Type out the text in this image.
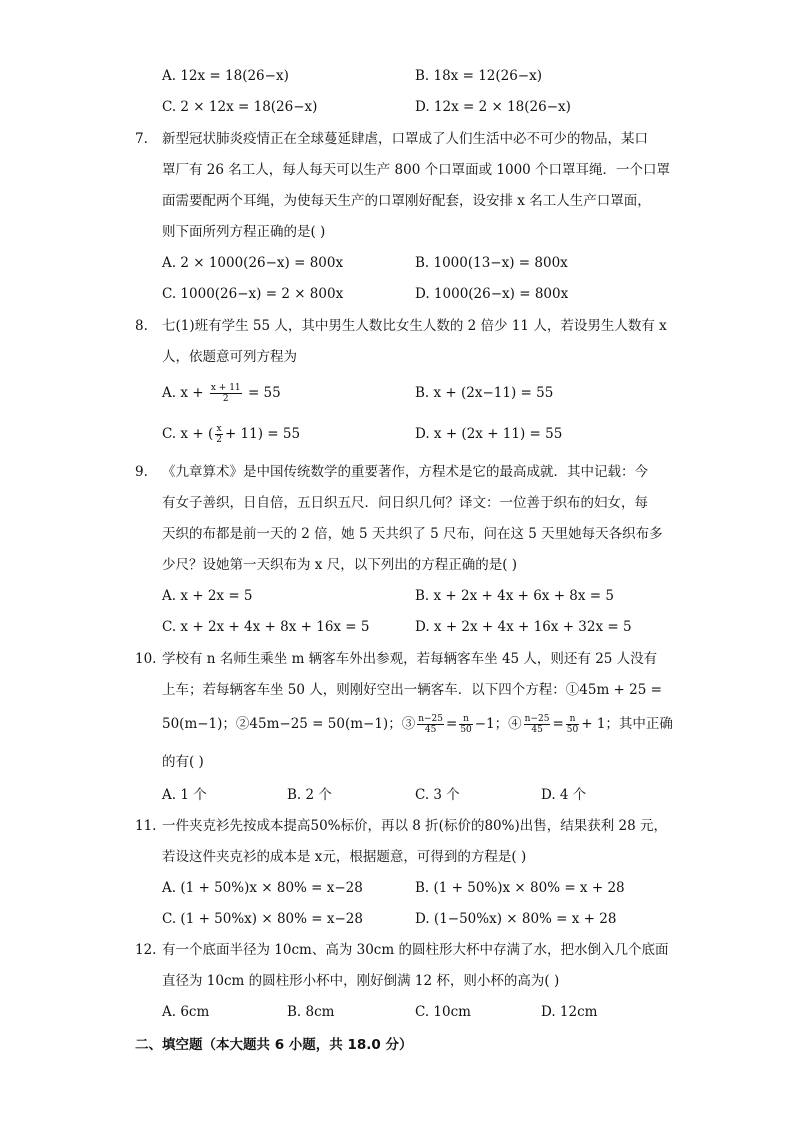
A. 12x = 18(26−x)	B. 18x = 12(26−x)
C. 2 × 12x = 18(26−x)	D. 12x = 2 × 18(26−x)
7. 新型冠状肺炎疫情正在全球蔓延肆虐，口罩成了人们生活中必不可少的物品，某口
罩厂有 26 名工人，每人每天可以生产 800 个口罩面或 1000 个口罩耳绳．一个口罩
面需要配两个耳绳，为使每天生产的口罩刚好配套，设安排 x 名工人生产口罩面，
则下面所列方程正确的是( )
A. 2 × 1000(26−x) = 800x	B. 1000(13−x) = 800x
C. 1000(26−x) = 2 × 800x	D. 1000(26−x) = 800x
8. 七(1)班有学生 55 人，其中男生人数比女生人数的 2 倍少 11 人，若设男生人数有 x
人，依题意可列方程为
A. $x + \frac{x + 11}{2} = 55$	B. x + (2x−11) = 55
C. x + ( $\frac{x}{2} + 11) = 55$	D. x + (2x + 11) = 55
9. 《九章算术》是中国传统数学的重要著作，方程术是它的最高成就．其中记载：今
有女子善织，日自倍，五日织五尺．问日织几何？译文：一位善于织布的妇女，每
天织的布都是前一天的 2 倍，她 5 天共织了 5 尺布，问在这 5 天里她每天各织布多
少尺？设她第一天织布为 x 尺，以下列出的方程正确的是( )
A. x + 2x = 5	B. x + 2x + 4x + 6x + 8x = 5
C. x + 2x + 4x + 8x + 16x = 5	D. x + 2x + 4x + 16x + 32x = 5
10. 学校有 n 名师生乘坐 m 辆客车外出参观，若每辆客车坐 45 人，则还有 25 人没有
上车；若每辆客车坐 50 人，则刚好空出一辆客车．以下四个方程：①45m + 25 =
50(m−1)；②45m−25 = 50(m−1)；③ $\frac{n-25}{45} = \frac{n}{50} -1$；④ $\frac{n-25}{45} = \frac{n}{50} + 1$；其中正确
的有( )
A. 1 个	B. 2 个	C. 3 个	D. 4 个
11. 一件夹克衫先按成本提高50%标价，再以 8 折(标价的80%)出售，结果获利 28 元，
若设这件夹克衫的成本是 x元，根据题意，可得到的方程是( )
A. (1 + 50%)x × 80% = x−28	B. (1 + 50%)x × 80% = x + 28
C. (1 + 50%x) × 80% = x−28	D. (1−50%x) × 80% = x + 28
12. 有一个底面半径为 10cm、高为 30cm 的圆柱形大杯中存满了水，把水倒入几个底面
直径为 10cm 的圆柱形小杯中，刚好倒满 12 杯，则小杯的高为( )
A. 6cm	B. 8cm	C. 10cm	D. 12cm
二、填空题（本大题共 6 小题，共 18.0 分）
